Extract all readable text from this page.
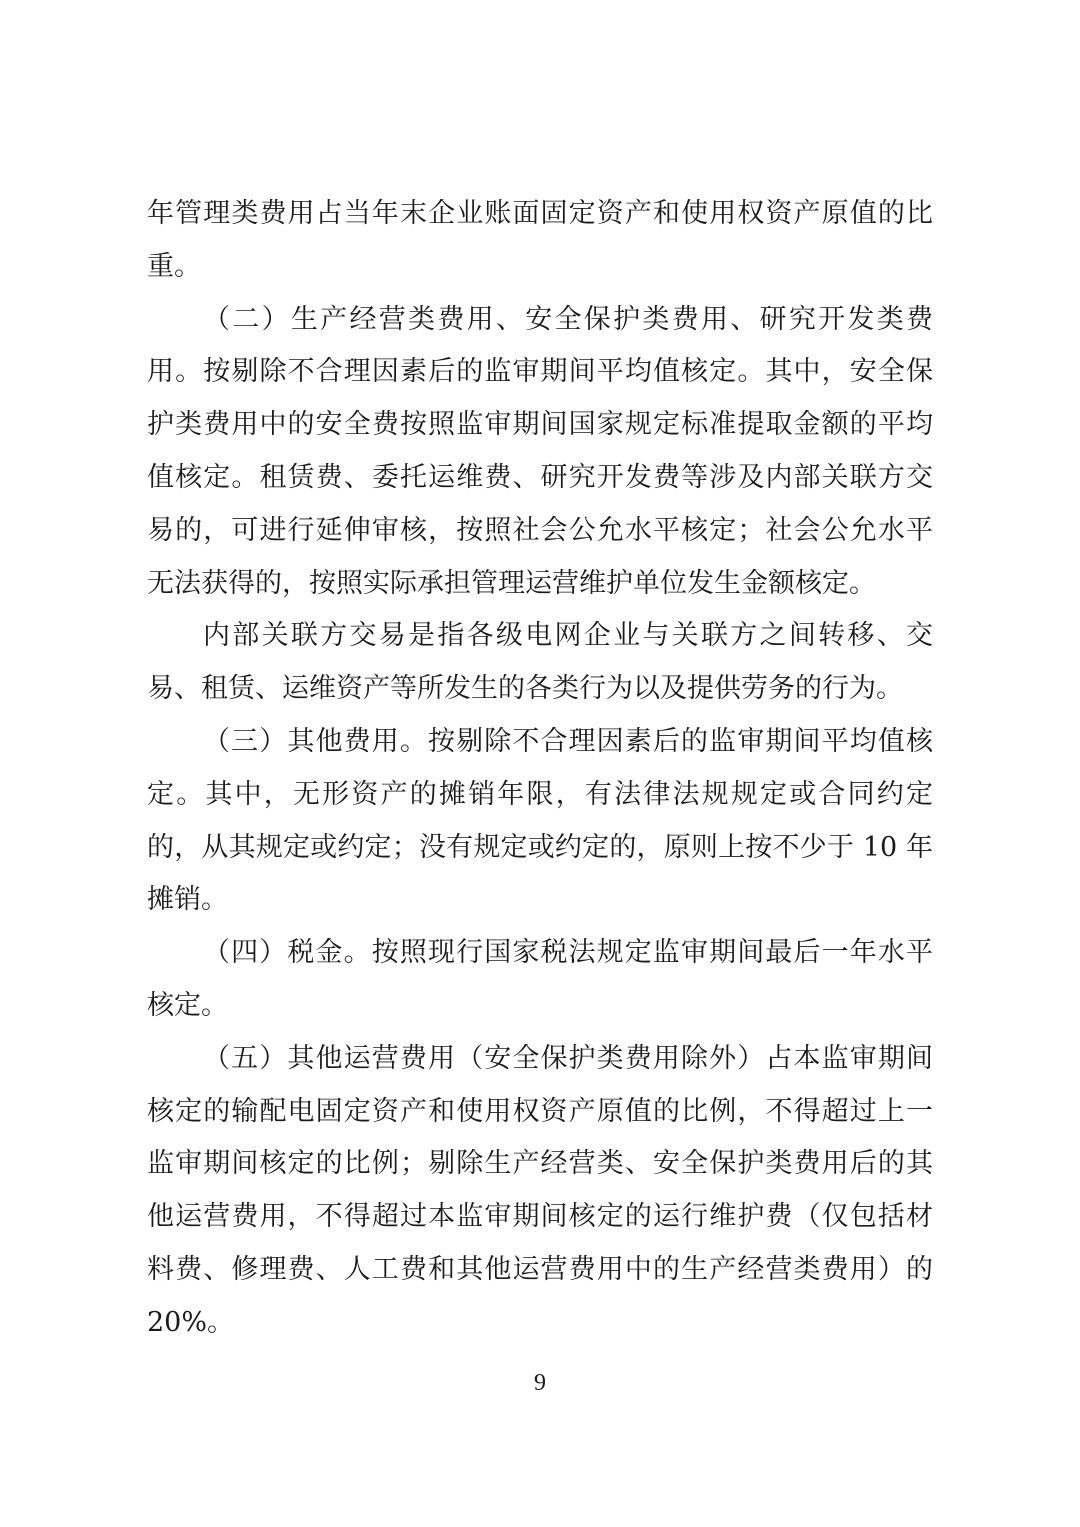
年管理类费用占当年末企业账面固定资产和使用权资产原值的比
重。
（二）生产经营类费用、安全保护类费用、研究开发类费
用。按剔除不合理因素后的监审期间平均值核定。其中，安全保
护类费用中的安全费按照监审期间国家规定标准提取金额的平均
值核定。租赁费、委托运维费、研究开发费等涉及内部关联方交
易的，可进行延伸审核，按照社会公允水平核定；社会公允水平
无法获得的，按照实际承担管理运营维护单位发生金额核定。
内部关联方交易是指各级电网企业与关联方之间转移、交
易、租赁、运维资产等所发生的各类行为以及提供劳务的行为。
（三）其他费用。按剔除不合理因素后的监审期间平均值核
定。其中，无形资产的摊销年限，有法律法规规定或合同约定
的，从其规定或约定；没有规定或约定的，原则上按不少于 10 年
摊销。
（四）税金。按照现行国家税法规定监审期间最后一年水平
核定。
（五）其他运营费用（安全保护类费用除外）占本监审期间
核定的输配电固定资产和使用权资产原值的比例，不得超过上一
监审期间核定的比例；剔除生产经营类、安全保护类费用后的其
他运营费用，不得超过本监审期间核定的运行维护费（仅包括材
料费、修理费、人工费和其他运营费用中的生产经营类费用）的
20%。
9
